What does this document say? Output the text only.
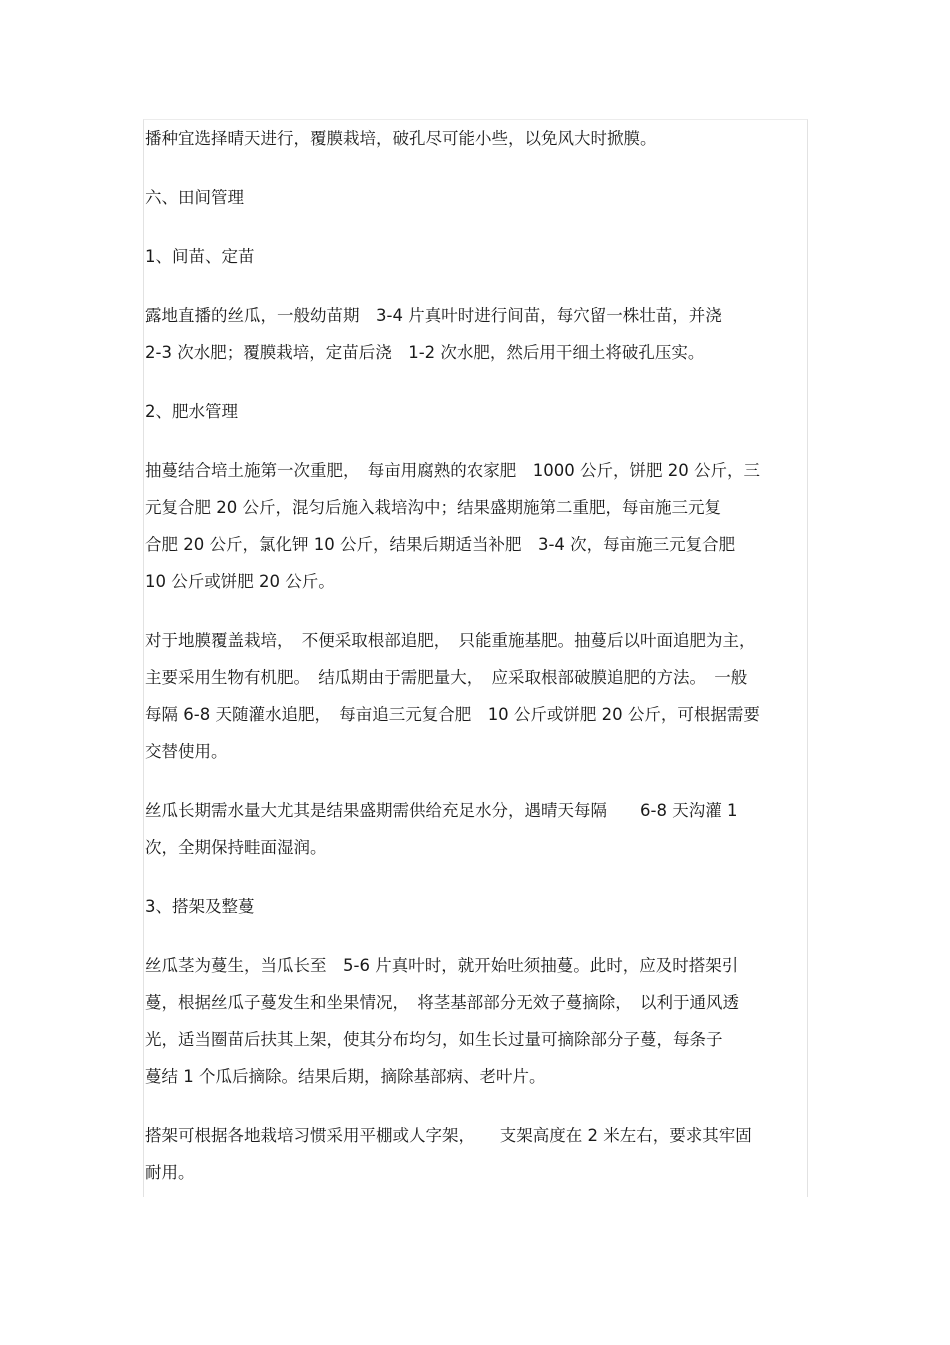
播种宜选择晴天进行，覆膜栽培，破孔尽可能小些，以免风大时掀膜。

六、田间管理

1、间苗、定苗

露地直播的丝瓜，一般幼苗期　3-4 片真叶时进行间苗，每穴留一株壮苗，并浇
2-3 次水肥；覆膜栽培，定苗后浇　1-2 次水肥，然后用干细土将破孔压实。

2、肥水管理

抽蔓结合培土施第一次重肥，　每亩用腐熟的农家肥　1000 公斤，饼肥 20 公斤，三
元复合肥 20 公斤，混匀后施入栽培沟中；结果盛期施第二重肥，每亩施三元复
合肥 20 公斤，氯化钾 10 公斤，结果后期适当补肥　3-4 次，每亩施三元复合肥
10 公斤或饼肥 20 公斤。

对于地膜覆盖栽培，　不便采取根部追肥，　只能重施基肥。抽蔓后以叶面追肥为主，
主要采用生物有机肥。　结瓜期由于需肥量大，　应采取根部破膜追肥的方法。　一般
每隔 6-8 天随灌水追肥，　每亩追三元复合肥　10 公斤或饼肥 20 公斤，可根据需要
交替使用。

丝瓜长期需水量大尤其是结果盛期需供给充足水分，遇晴天每隔　　6-8 天沟灌 1
次，全期保持畦面湿润。

3、搭架及整蔓

丝瓜茎为蔓生，当瓜长至　5-6 片真叶时，就开始吐须抽蔓。此时，应及时搭架引
蔓，根据丝瓜子蔓发生和坐果情况，　将茎基部部分无效子蔓摘除，　以利于通风透
光，适当圈苗后扶其上架，使其分布均匀，如生长过量可摘除部分子蔓，每条子
蔓结 1 个瓜后摘除。结果后期，摘除基部病、老叶片。

搭架可根据各地栽培习惯采用平棚或人字架，　　支架高度在 2 米左右，要求其牢固
耐用。
